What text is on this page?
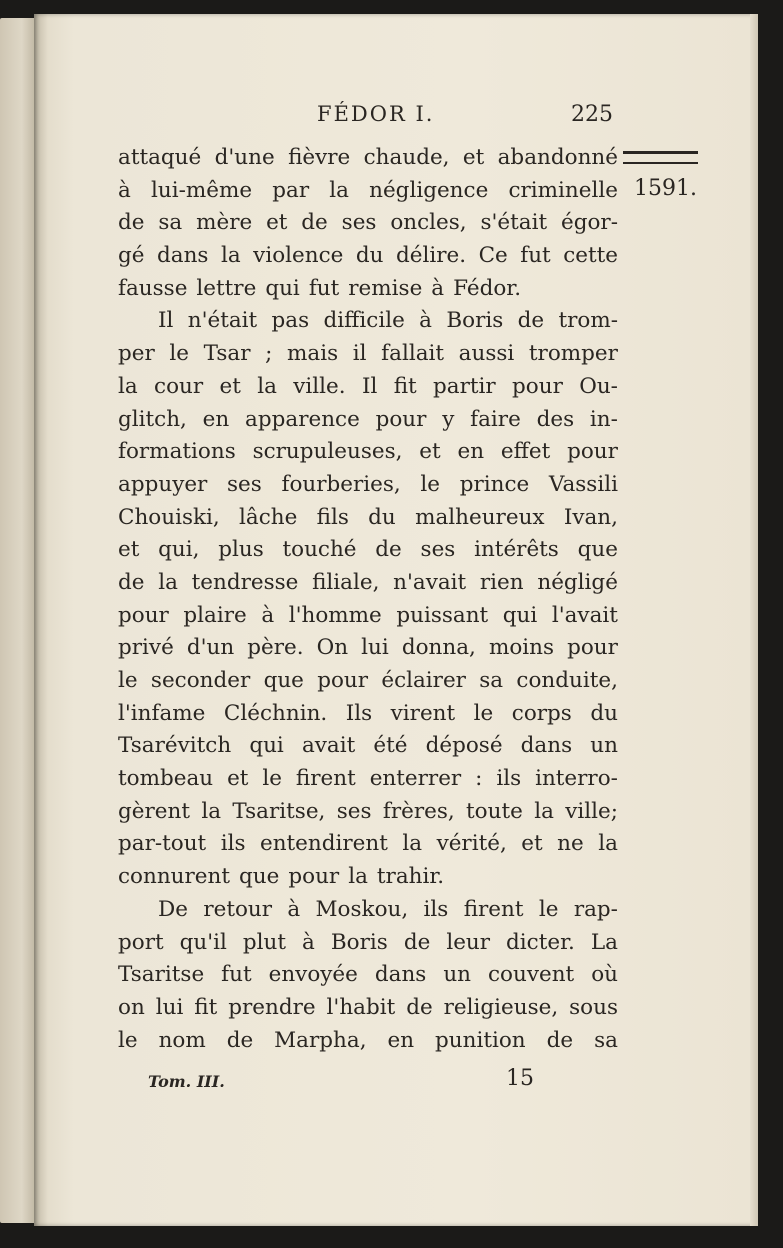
FÉDOR I.	225
1591.
attaqué d'une fièvre chaude, et abandonné
à lui-même par la négligence criminelle
de sa mère et de ses oncles, s'était égor-
gé dans la violence du délire. Ce fut cette
fausse lettre qui fut remise à Fédor.
Il n'était pas difficile à Boris de trom-
per le Tsar ; mais il fallait aussi tromper
la cour et la ville. Il fit partir pour Ou-
glitch, en apparence pour y faire des in-
formations scrupuleuses, et en effet pour
appuyer ses fourberies, le prince Vassili
Chouiski, lâche fils du malheureux Ivan,
et qui, plus touché de ses intérêts que
de la tendresse filiale, n'avait rien négligé
pour plaire à l'homme puissant qui l'avait
privé d'un père. On lui donna, moins pour
le seconder que pour éclairer sa conduite,
l'infame Cléchnin. Ils virent le corps du
Tsarévitch qui avait été déposé dans un
tombeau et le firent enterrer : ils interro-
gèrent la Tsaritse, ses frères, toute la ville;
par-tout ils entendirent la vérité, et ne la
connurent que pour la trahir.
De retour à Moskou, ils firent le rap-
port qu'il plut à Boris de leur dicter. La
Tsaritse fut envoyée dans un couvent où
on lui fit prendre l'habit de religieuse, sous
le nom de Marpha, en punition de sa
Tom. III.	15
